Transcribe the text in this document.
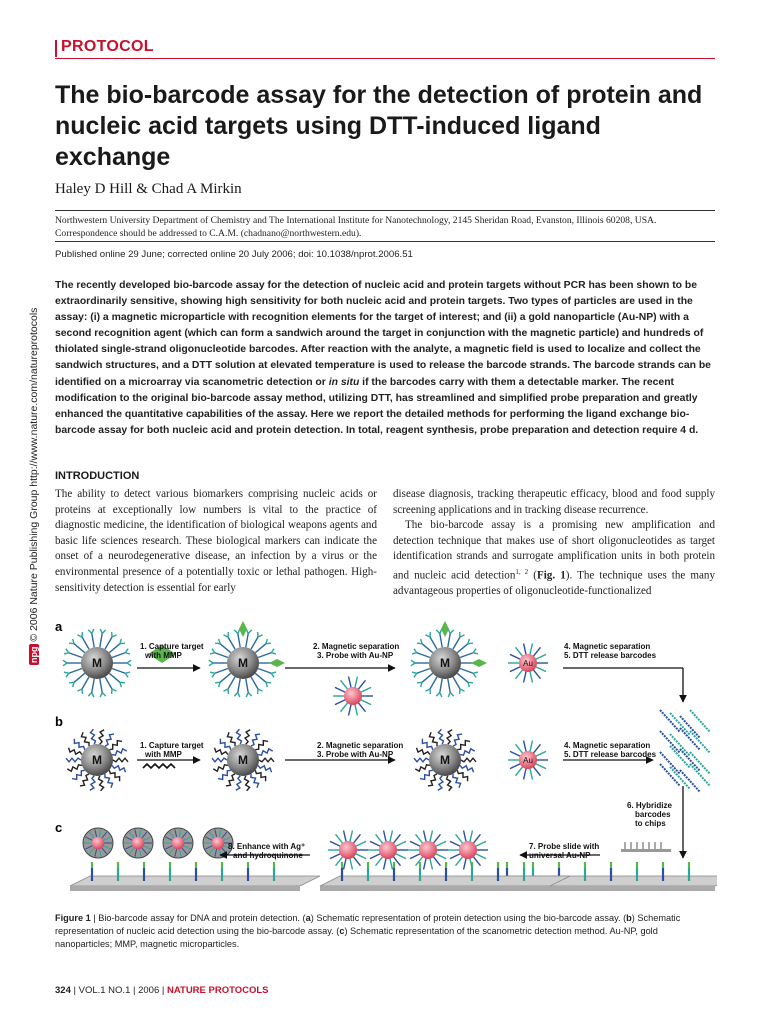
PROTOCOL
The bio-barcode assay for the detection of protein and nucleic acid targets using DTT-induced ligand exchange
Haley D Hill & Chad A Mirkin
Northwestern University Department of Chemistry and The International Institute for Nanotechnology, 2145 Sheridan Road, Evanston, Illinois 60208, USA.
Correspondence should be addressed to C.A.M. (chadnano@northwestern.edu).
Published online 29 June; corrected online 20 July 2006; doi: 10.1038/nprot.2006.51
The recently developed bio-barcode assay for the detection of nucleic acid and protein targets without PCR has been shown to be extraordinarily sensitive, showing high sensitivity for both nucleic acid and protein targets. Two types of particles are used in the assay: (i) a magnetic microparticle with recognition elements for the target of interest; and (ii) a gold nanoparticle (Au-NP) with a second recognition agent (which can form a sandwich around the target in conjunction with the magnetic particle) and hundreds of thiolated single-strand oligonucleotide barcodes. After reaction with the analyte, a magnetic field is used to localize and collect the sandwich structures, and a DTT solution at elevated temperature is used to release the barcode strands. The barcode strands can be identified on a microarray via scanometric detection or in situ if the barcodes carry with them a detectable marker. The recent modification to the original bio-barcode assay method, utilizing DTT, has streamlined and simplified probe preparation and greatly enhanced the quantitative capabilities of the assay. Here we report the detailed methods for performing the ligand exchange bio-barcode assay for both nucleic acid and protein detection. In total, reagent synthesis, probe preparation and detection require 4 d.
npg © 2006 Nature Publishing Group http://www.nature.com/natureprotocols INTRODUCTION
The ability to detect various biomarkers comprising nucleic acids or proteins at exceptionally low numbers is vital to the practice of diagnostic medicine, the identification of biological weapons agents and basic life sciences research. These biological markers can indicate the onset of a neurodegenerative disease, an infection by a virus or the environmental presence of a potentially toxic or lethal pathogen. High-sensitivity detection is essential for early
disease diagnosis, tracking therapeutic efficacy, blood and food supply screening applications and in tracking disease recurrence.
The bio-barcode assay is a promising new amplification and detection technique that makes use of short oligonucleotides as target identification strands and surrogate amplification units in both protein and nucleic acid detection$^{1, 2}$ (Fig. 1). The technique uses the many advantageous properties of oligonucleotide-functionalized
a
b
c
M	M	M	Au
1. Capture target
with MMP
2. Magnetic separation
3. Probe with Au-NP
4. Magnetic separation
5. DTT release barcodes
M	M	M	Au
1. Capture target
with MMP
2. Magnetic separation
3. Probe with Au-NP
4. Magnetic separation
5. DTT release barcodes
6. Hybridize
barcodes
to chips
7. Probe slide with
universal Au-NP
8. Enhance with Ag⁺
and hydroquinone
Figure 1 | Bio-barcode assay for DNA and protein detection. (a) Schematic representation of protein detection using the bio-barcode assay. (b) Schematic representation of nucleic acid detection using the bio-barcode assay. (c) Schematic representation of the scanometric detection method. Au-NP, gold nanoparticles; MMP, magnetic microparticles.
324 | VOL.1 NO.1 | 2006 | NATURE PROTOCOLS
